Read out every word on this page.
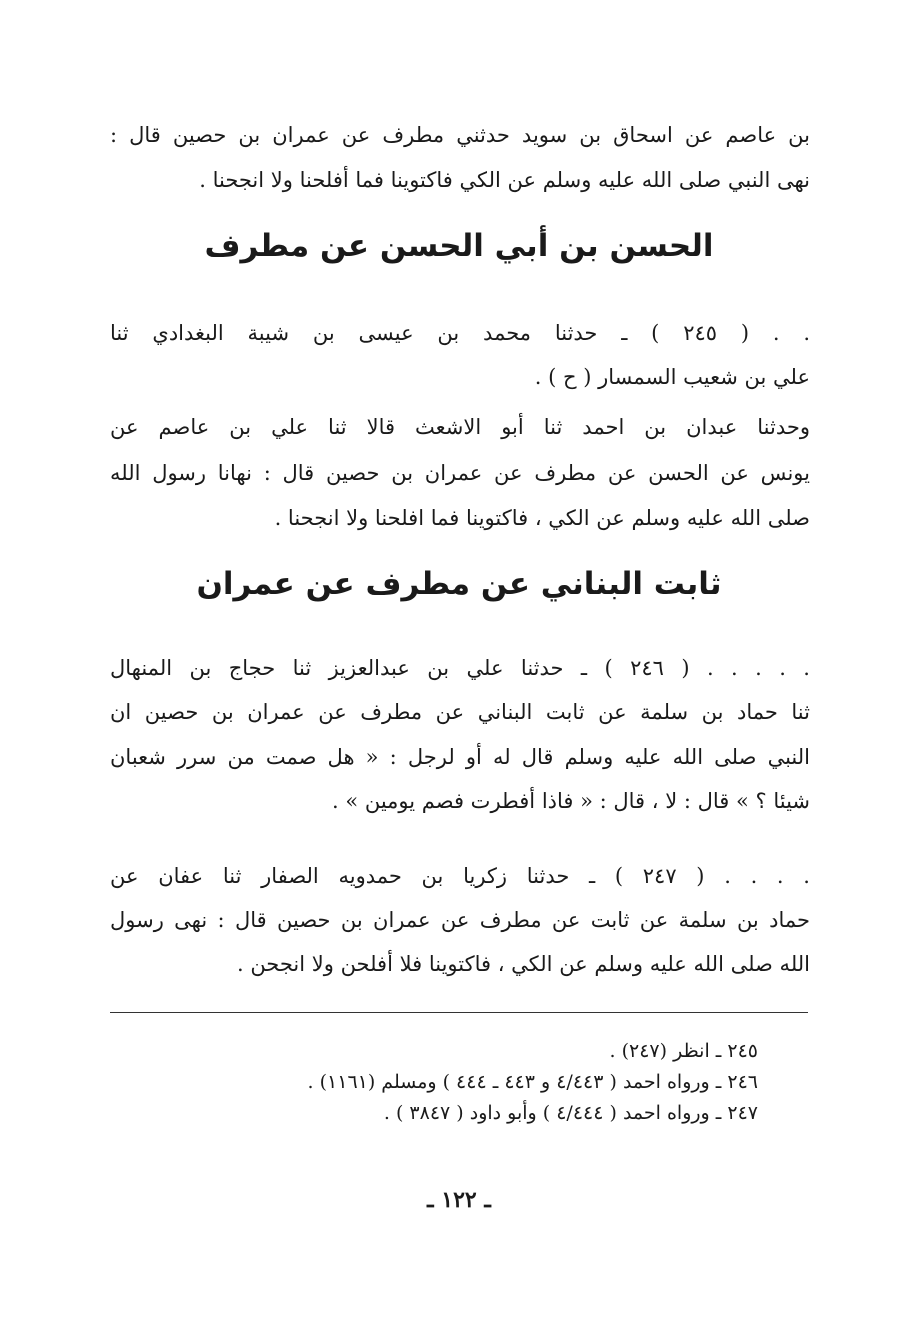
بن عاصم عن اسحاق بن سويد حدثني مطرف عن عمران بن حصين قال :
نهى النبي صلى الله عليه وسلم عن الكي فاكتوينا فما أفلحنا ولا انجحنا .
الحسن بن أبي الحسن عن مطرف
. . ( ٢٤٥ ) ـ حدثنا محمد بن عيسى بن شيبة البغدادي ثنا
علي بن شعيب السمسار ( ح ) .
وحدثنا عبدان بن احمد ثنا أبو الاشعث قالا ثنا علي بن عاصم عن
يونس عن الحسن عن مطرف عن عمران بن حصين قال : نهانا رسول الله
صلى الله عليه وسلم عن الكي ، فاكتوينا فما افلحنا ولا انجحنا .
ثابت البناني عن مطرف عن عمران
. . . . . ( ٢٤٦ ) ـ حدثنا علي بن عبدالعزيز ثنا حجاج بن المنهال
ثنا حماد بن سلمة عن ثابت البناني عن مطرف عن عمران بن حصين ان
النبي صلى الله عليه وسلم قال له أو لرجل : « هل صمت من سرر شعبان
شيئا ؟ » قال : لا ، قال : « فاذا أفطرت فصم يومين » .
. . . . ( ٢٤٧ ) ـ حدثنا زكريا بن حمدويه الصفار ثنا عفان عن
حماد بن سلمة عن ثابت عن مطرف عن عمران بن حصين قال : نهى رسول
الله صلى الله عليه وسلم عن الكي ، فاكتوينا فلا أفلحن ولا انجحن .
٢٤٥ ـ انظر (٢٤٧) .
٢٤٦ ـ ورواه احمد ( ٤/٤٤٣ و ٤٤٣ ـ ٤٤٤ ) ومسلم (١١٦١) .
٢٤٧ ـ ورواه احمد ( ٤/٤٤٤ ) وأبو داود ( ٣٨٤٧ ) .
ـ ١٢٢ ـ
